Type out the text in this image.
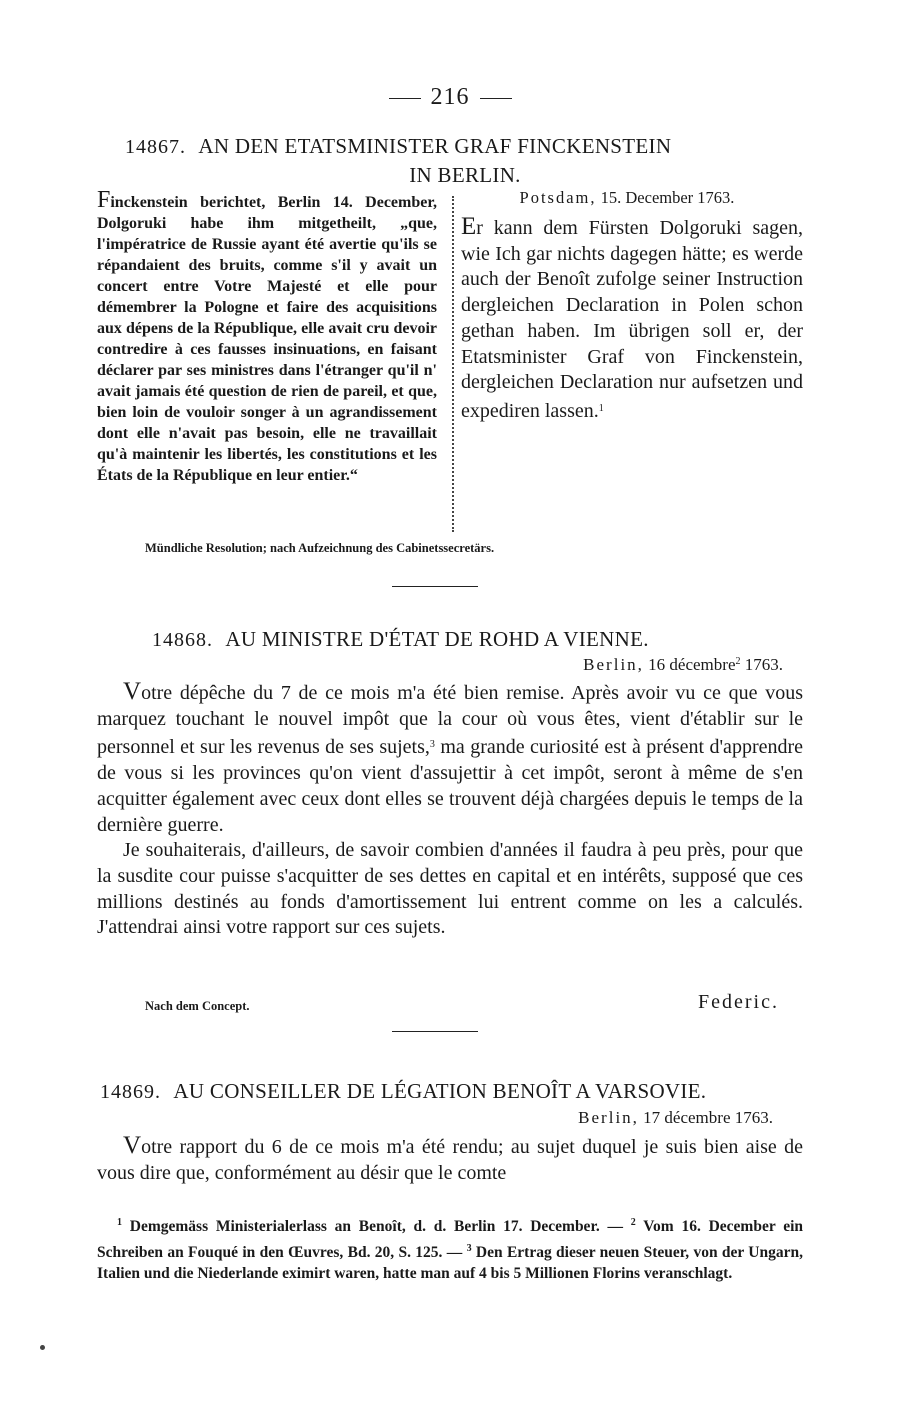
216
14867. AN DEN ETATSMINISTER GRAF FINCKENSTEIN
IN BERLIN.
Finckenstein berichtet, Berlin 14. December, Dolgoruki habe ihm mitgetheilt, „que, l'impératrice de Russie ayant été avertie qu'ils se répandaient des bruits, comme s'il y avait un concert entre Votre Majesté et elle pour démembrer la Pologne et faire des acquisitions aux dépens de la République, elle avait cru devoir contredire à ces fausses insinuations, en faisant déclarer par ses ministres dans l'étranger qu'il n' avait jamais été question de rien de pareil, et que, bien loin de vouloir songer à un agrandissement dont elle n'avait pas besoin, elle ne travaillait qu'à maintenir les libertés, les constitutions et les États de la République en leur entier.“
Potsdam, 15. December 1763.
Er kann dem Fürsten Dolgoruki sagen, wie Ich gar nichts dagegen hätte; es werde auch der Benoît zufolge seiner Instruction dergleichen Declaration in Polen schon gethan haben. Im übrigen soll er, der Etatsminister Graf von Finckenstein, dergleichen Declaration nur aufsetzen und expediren lassen.$^1$
Mündliche Resolution; nach Aufzeichnung des Cabinetssecretärs.
14868. AU MINISTRE D'ÉTAT DE ROHD A VIENNE.
Berlin, 16 décembre$^2$ 1763.

Votre dépêche du 7 de ce mois m'a été bien remise. Après avoir vu ce que vous marquez touchant le nouvel impôt que la cour où vous êtes, vient d'établir sur le personnel et sur les revenus de ses sujets,$^3$ ma grande curiosité est à présent d'apprendre de vous si les provinces qu'on vient d'assujettir à cet impôt, seront à même de s'en acquitter également avec ceux dont elles se trouvent déjà chargées depuis le temps de la dernière guerre.

Je souhaiterais, d'ailleurs, de savoir combien d'années il faudra à peu près, pour que la susdite cour puisse s'acquitter de ses dettes en capital et en intérêts, supposé que ces millions destinés au fonds d'amortissement lui entrent comme on les a calculés. J'attendrai ainsi votre rapport sur ces sujets.

Nach dem Concept.	Federic.
14869. AU CONSEILLER DE LÉGATION BENOÎT A VARSOVIE.
Berlin, 17 décembre 1763.

Votre rapport du 6 de ce mois m'a été rendu; au sujet duquel je suis bien aise de vous dire que, conformément au désir que le comte

$^1$ Demgemäss Ministerialerlass an Benoît, d. d. Berlin 17. December. — $^2$ Vom 16. December ein Schreiben an Fouqué in den Œuvres, Bd. 20, S. 125. — $^3$ Den Ertrag dieser neuen Steuer, von der Ungarn, Italien und die Niederlande eximirt waren, hatte man auf 4 bis 5 Millionen Florins veranschlagt.
